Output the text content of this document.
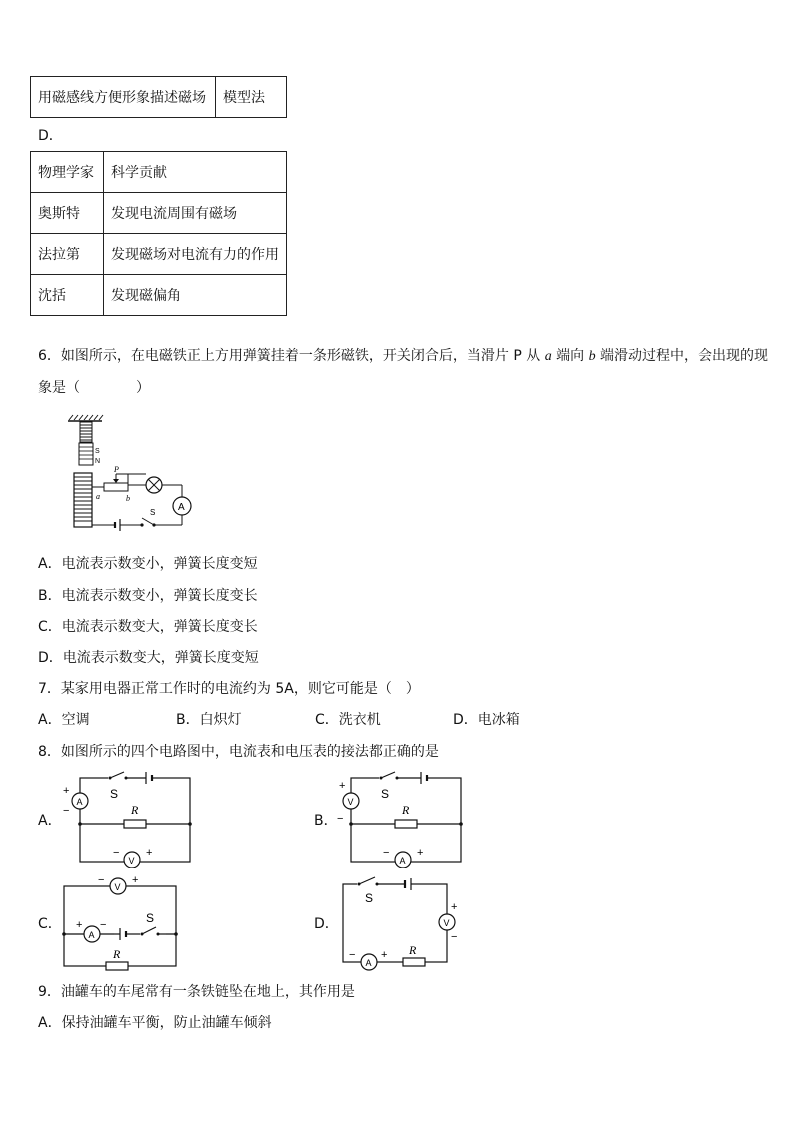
用磁感线方便形象描述磁场	模型法
D．
物理学家	科学贡献
奥斯特	发现电流周围有磁场
法拉第	发现磁场对电流有力的作用
沈括	发现磁偏角
6．如图所示，在电磁铁正上方用弹簧挂着一条形磁铁，开关闭合后，当滑片 P 从 a 端向 b 端滑动过程中，会出现的现
象是（　　　　）
S
N
P
a	b
A
S
A．电流表示数变小，弹簧长度变短
B．电流表示数变小，弹簧长度变长
C．电流表示数变大，弹簧长度变长
D．电流表示数变大，弹簧长度变短
7．某家用电器正常工作时的电流约为 5A，则它可能是（　）
A．空调	B．白炽灯	C．洗衣机	D．电冰箱
8．如图所示的四个电路图中，电流表和电压表的接法都正确的是
A．	B．
C．	D．
S
A
+
−	R
V
− +
S
V
+
−
R
A
−	+
V
−	+
A
+ −	S
R
S
V
+
−
A
− + R
9．油罐车的车尾常有一条铁链坠在地上，其作用是
A．保持油罐车平衡，防止油罐车倾斜
